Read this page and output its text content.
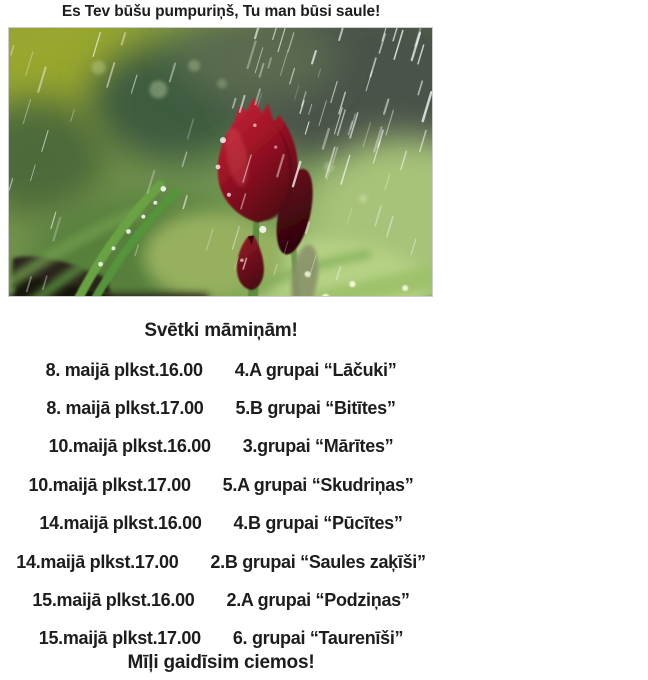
Es Tev būšu pumpuriņš, Tu man būsi saule!
Svētki māmiņām!
8. maijā plkst.16.00 4.A grupai “Lāčuki”
8. maijā plkst.17.00 5.B grupai “Bitītes”
10.maijā plkst.16.00 3.grupai “Mārītes”
10.maijā plkst.17.00 5.A grupai “Skudriņas”
14.maijā plkst.16.00 4.B grupai “Pūcītes”
14.maijā plkst.17.00 2.B grupai “Saules zaķīši”
15.maijā plkst.16.00 2.A grupai “Podziņas”
15.maijā plkst.17.00 6. grupai “Taurenīši”
Mīļi gaidīsim ciemos!
